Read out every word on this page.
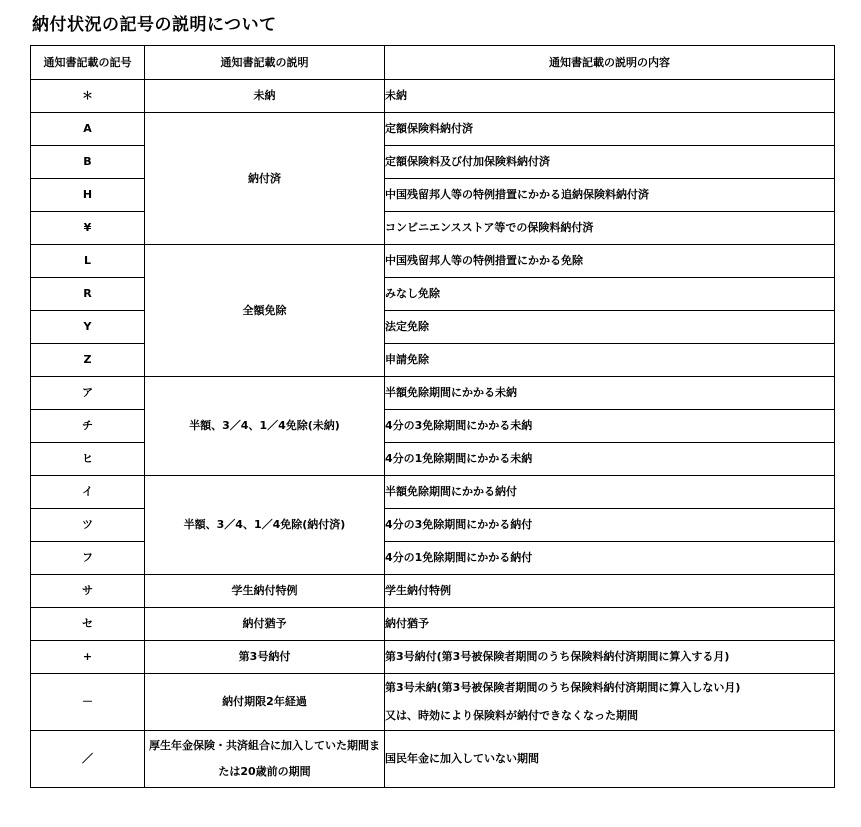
納付状況の記号の説明について
通知書記載の記号	通知書記載の説明	通知書記載の説明の内容
＊	未納	未納
A	納付済	定額保険料納付済
B		定額保険料及び付加保険料納付済
H		中国残留邦人等の特例措置にかかる追納保険料納付済
¥		コンビニエンスストア等での保険料納付済
L	全額免除	中国残留邦人等の特例措置にかかる免除
R		みなし免除
Y		法定免除
Z		申請免除
ア	半額、3／4、1／4免除(未納)	半額免除期間にかかる未納
チ		4分の3免除期間にかかる未納
ヒ		4分の1免除期間にかかる未納
イ	半額、3／4、1／4免除(納付済)	半額免除期間にかかる納付
ツ		4分の3免除期間にかかる納付
フ		4分の1免除期間にかかる納付
サ	学生納付特例	学生納付特例
セ	納付猶予	納付猶予
+	第3号納付	第3号納付(第3号被保険者期間のうち保険料納付済期間に算入する月)
－	納付期限2年経過	第3号未納(第3号被保険者期間のうち保険料納付済期間に算入しない月)
又は、時効により保険料が納付できなくなった期間

／	厚生年金保険・共済組合に加入していた期間または20歳前の期間	国民年金に加入していない期間
